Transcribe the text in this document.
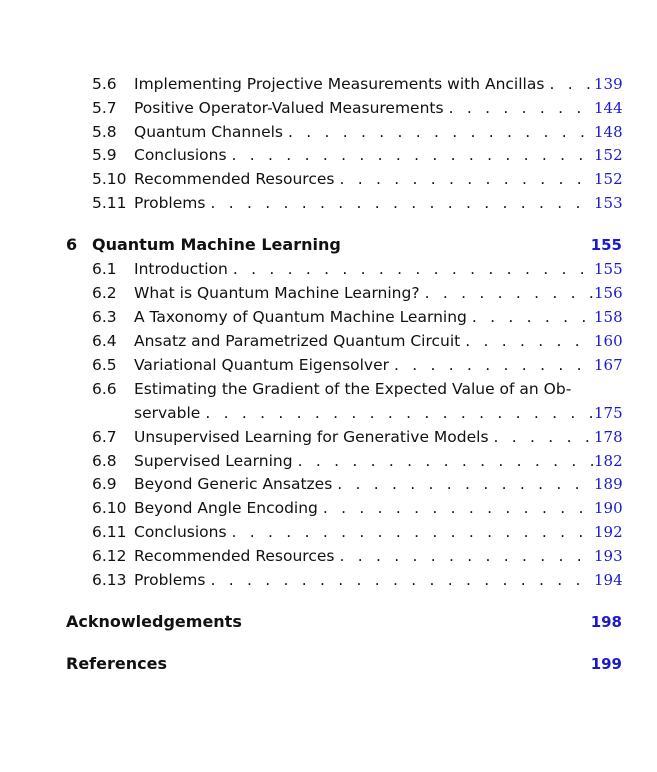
5.6 Implementing Projective Measurements with Ancillas . . .	139
5.7 Positive Operator-Valued Measurements . . .	144
5.8 Quantum Channels . . .	148
5.9 Conclusions . . .	152
5.10 Recommended Resources . . .	152
5.11 Problems . . .	153
6 Quantum Machine Learning	155
6.1 Introduction . . .	155
6.2 What is Quantum Machine Learning? . . .	156
6.3 A Taxonomy of Quantum Machine Learning . . .	158
6.4 Ansatz and Parametrized Quantum Circuit . . .	160
6.5 Variational Quantum Eigensolver . . .	167
6.6 Estimating the Gradient of the Expected Value of an Ob-
servable . . .	175
6.7 Unsupervised Learning for Generative Models . . .	178
6.8 Supervised Learning . . .	182
6.9 Beyond Generic Ansatzes . . .	189
6.10 Beyond Angle Encoding . . .	190
6.11 Conclusions . . .	192
6.12 Recommended Resources . . .	193
6.13 Problems . . .	194
Acknowledgements	198
References	199
